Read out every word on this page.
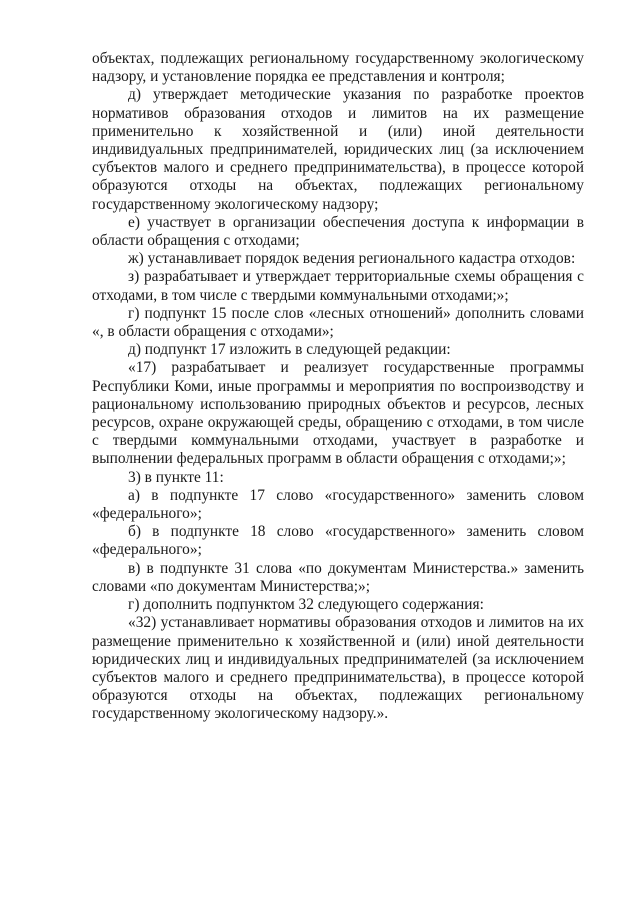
объектах, подлежащих региональному государственному экологическому надзору, и установление порядка ее представления и контроля;

д) утверждает методические указания по разработке проектов нормативов образования отходов и лимитов на их размещение применительно к хозяйственной и (или) иной деятельности индивидуальных предпринимателей, юридических лиц (за исключением субъектов малого и среднего предпринимательства), в процессе которой образуются отходы на объектах, подлежащих региональному государственному экологическому надзору;

е) участвует в организации обеспечения доступа к информации в области обращения с отходами;

ж) устанавливает порядок ведения регионального кадастра отходов:

з) разрабатывает и утверждает территориальные схемы обращения с отходами, в том числе с твердыми коммунальными отходами;»;

г) подпункт 15 после слов «лесных отношений» дополнить словами «, в области обращения с отходами»;

д) подпункт 17 изложить в следующей редакции:

«17) разрабатывает и реализует государственные программы Республики Коми, иные программы и мероприятия по воспроизводству и рациональному использованию природных объектов и ресурсов, лесных ресурсов, охране окружающей среды, обращению с отходами, в том числе с твердыми коммунальными отходами, участвует в разработке и выполнении федеральных программ в области обращения с отходами;»;

3) в пункте 11:

а) в подпункте 17 слово «государственного» заменить словом «федерального»;

б) в подпункте 18 слово «государственного» заменить словом «федерального»;

в) в подпункте 31 слова «по документам Министерства.» заменить словами «по документам Министерства;»;

г) дополнить подпунктом 32 следующего содержания:

«32) устанавливает нормативы образования отходов и лимитов на их размещение применительно к хозяйственной и (или) иной деятельности юридических лиц и индивидуальных предпринимателей (за исключением субъектов малого и среднего предпринимательства), в процессе которой образуются отходы на объектах, подлежащих региональному государственному экологическому надзору.».
